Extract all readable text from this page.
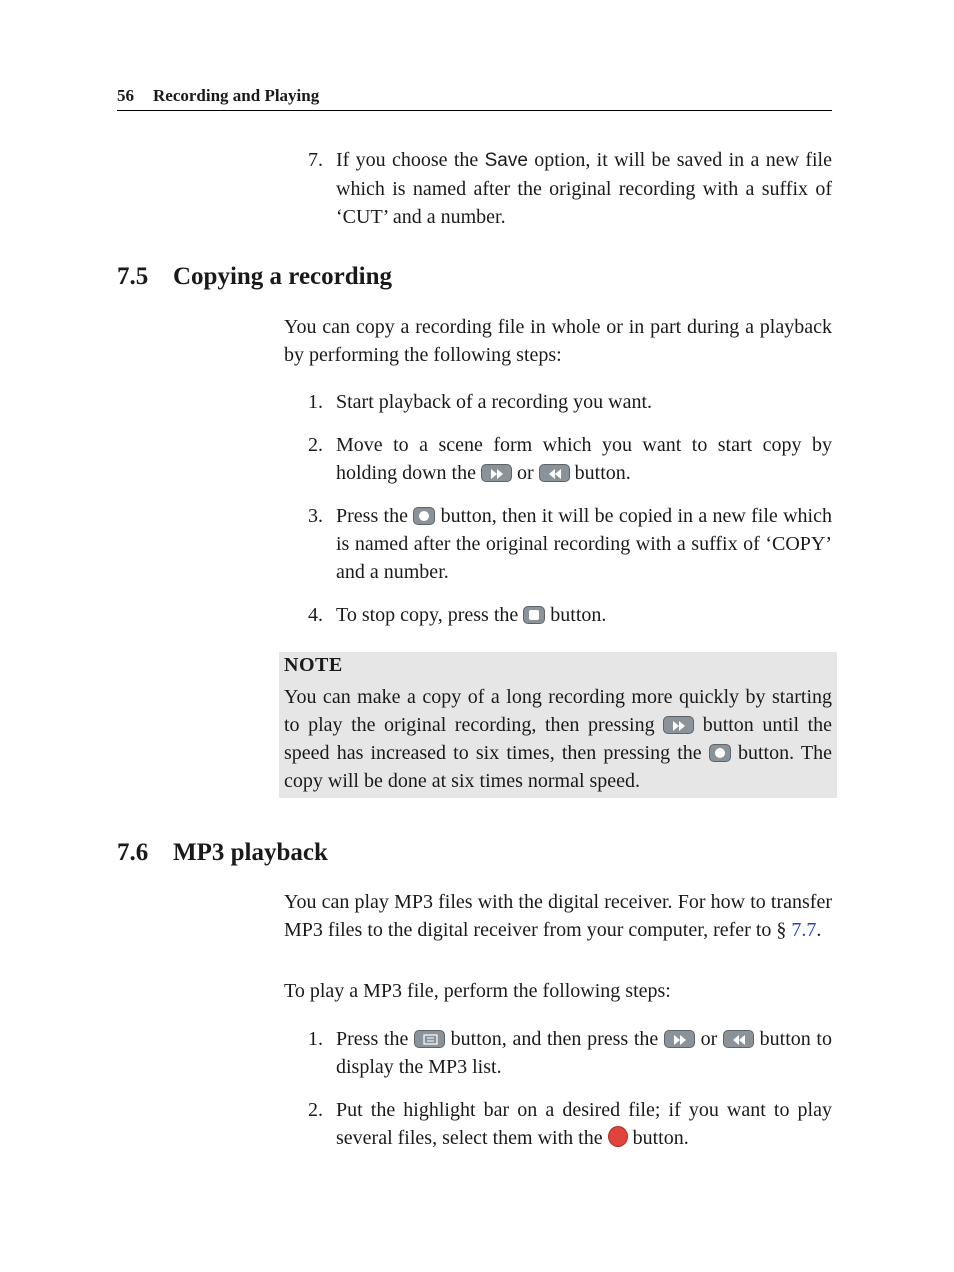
56 Recording and Playing
7. If you choose the Save option, it will be saved in a new file which is named after the original recording with a suffix of ‘CUT’ and a number.
7.5 Copying a recording
You can copy a recording file in whole or in part during a playback by performing the following steps:
1. Start playback of a recording you want.
2. Move to a scene form which you want to start copy by holding down the
or
button.
3. Press the
button, then it will be copied in a new file which is named after the original recording with a suffix of ‘COPY’ and a number.
4. To stop copy, press the
button.
NOTE
You can make a copy of a long recording more quickly by starting to play the original recording, then pressing
button until the speed has increased to six times, then pressing the
button. The copy will be done at six times normal speed.
7.6 MP3 playback
You can play MP3 files with the digital receiver. For how to transfer MP3 files to the digital receiver from your computer, refer to § 7.7.
To play a MP3 file, perform the following steps:
1. Press the
button, and then press the
or
button to display the MP3 list.
2. Put the highlight bar on a desired file; if you want to play several files, select them with the  button.
